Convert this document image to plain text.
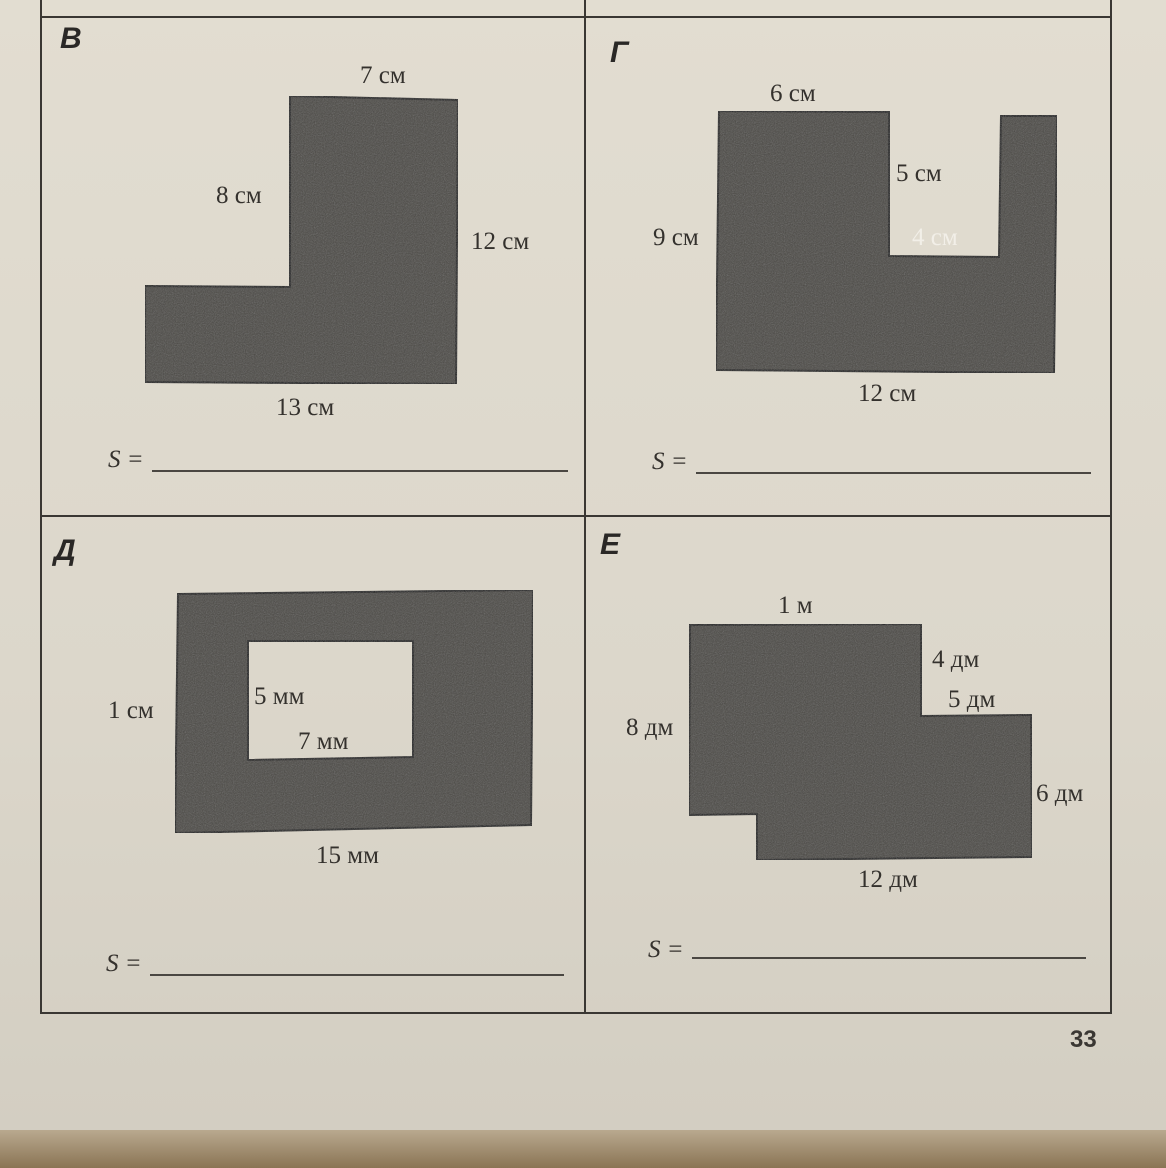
В
7 см
8 см
12 см
13 см
S =
Г
6 см
5 см
4 см
9 см
12 см
S =
Д
1 см
5 мм
7 мм
15 мм
S =
Е
1 м
4 дм
5 дм
8 дм
6 дм
12 дм
S =
33
